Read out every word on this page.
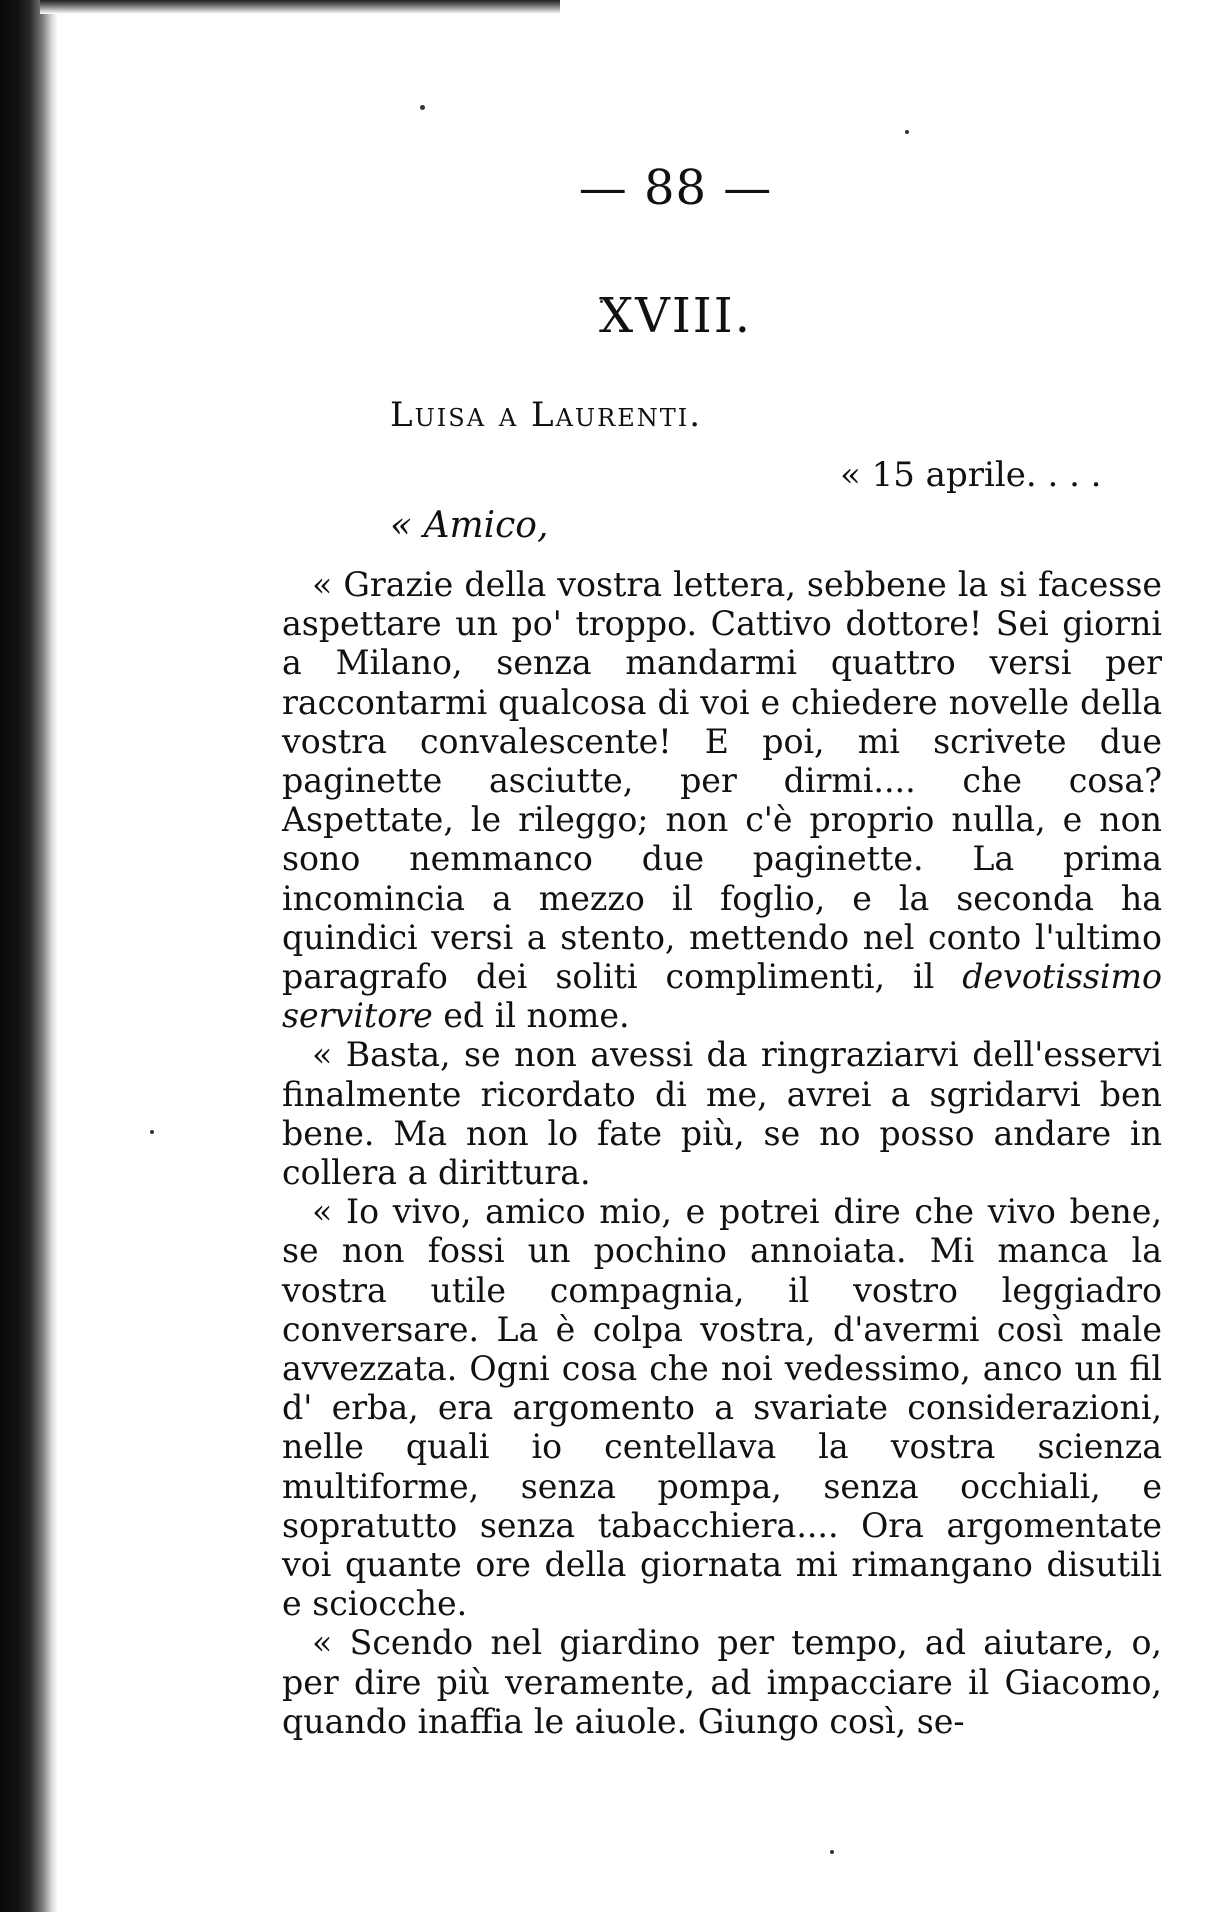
— 88 —
XVIII.
Luisa a Laurenti.
« 15 aprile. . . .
« Amico,

« Grazie della vostra lettera, sebbene la si facesse aspettare un po' troppo. Cattivo dottore! Sei giorni a Milano, senza mandarmi quattro versi per raccontarmi qualcosa di voi e chiedere novelle della vostra convalescente! E poi, mi scrivete due paginette asciutte, per dirmi.... che cosa? Aspettate, le rileggo; non c'è proprio nulla, e non sono nemmanco due paginette. La prima incomincia a mezzo il foglio, e la seconda ha quindici versi a stento, mettendo nel conto l'ultimo paragrafo dei soliti complimenti, il devotissimo servitore ed il nome.

« Basta, se non avessi da ringraziarvi dell'esservi finalmente ricordato di me, avrei a sgridarvi ben bene. Ma non lo fate più, se no posso andare in collera a dirittura.

« Io vivo, amico mio, e potrei dire che vivo bene, se non fossi un pochino annoiata. Mi manca la vostra utile compagnia, il vostro leggiadro conversare. La è colpa vostra, d'avermi così male avvezzata. Ogni cosa che noi vedessimo, anco un fil d' erba, era argomento a svariate considerazioni, nelle quali io centellava la vostra scienza multiforme, senza pompa, senza occhiali, e sopratutto senza tabacchiera.... Ora argomentate voi quante ore della giornata mi rimangano disutili e sciocche.

« Scendo nel giardino per tempo, ad aiutare, o, per dire più veramente, ad impacciare il Giacomo, quando inaffia le aiuole. Giungo così, se-
